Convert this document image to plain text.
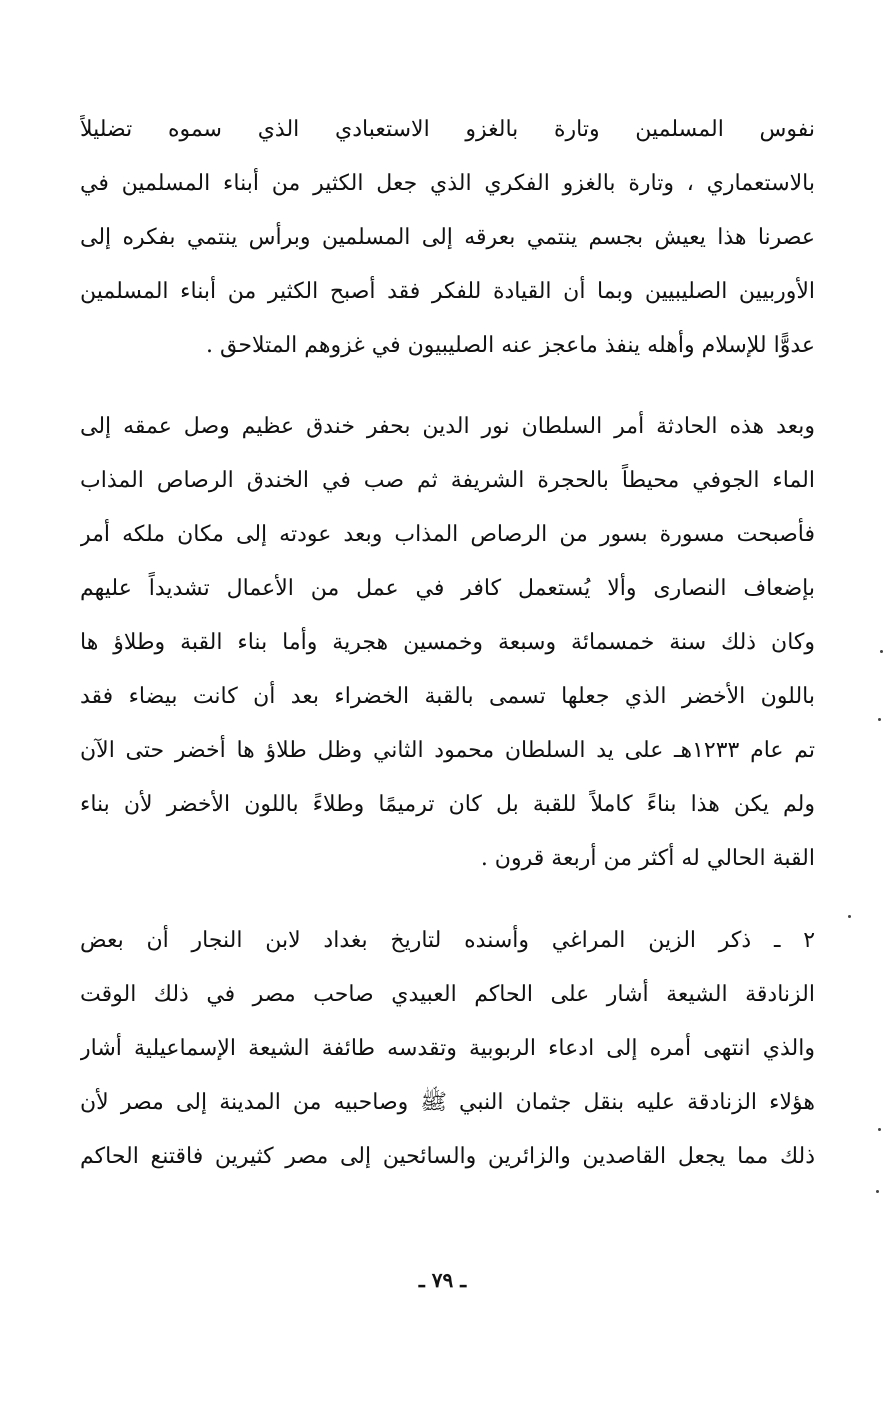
نفوس المسلمين وتارة بالغزو الاستعبادي الذي سموه تضليلاً
بالاستعماري ، وتارة بالغزو الفكري الذي جعل الكثير من أبناء المسلمين في
عصرنا هذا يعيش بجسم ينتمي بعرقه إلى المسلمين وبرأس ينتمي بفكره إلى
الأوربيين الصليبيين وبما أن القيادة للفكر فقد أصبح الكثير من أبناء المسلمين
عدوًّا للإسلام وأهله ينفذ ماعجز عنه الصليبيون في غزوهم المتلاحق .
وبعد هذه الحادثة أمر السلطان نور الدين بحفر خندق عظيم وصل عمقه إلى
الماء الجوفي محيطاً بالحجرة الشريفة ثم صب في الخندق الرصاص المذاب
فأصبحت مسورة بسور من الرصاص المذاب وبعد عودته إلى مكان ملكه أمر
بإضعاف النصارى وألا يُستعمل كافر في عمل من الأعمال تشديداً عليهم
وكان ذلك سنة خمسمائة وسبعة وخمسين هجرية وأما بناء القبة وطلاؤ ها
باللون الأخضر الذي جعلها تسمى بالقبة الخضراء بعد أن كانت بيضاء فقد
تم عام ١٢٣٣هـ على يد السلطان محمود الثاني وظل طلاؤ ها أخضر حتى الآن
ولم يكن هذا بناءً كاملاً للقبة بل كان ترميمًا وطلاءً باللون الأخضر لأن بناء
القبة الحالي له أكثر من أربعة قرون .
٢ ـ ذكر الزين المراغي وأسنده لتاريخ بغداد لابن النجار أن بعض
الزنادقة الشيعة أشار على الحاكم العبيدي صاحب مصر في ذلك الوقت
والذي انتهى أمره إلى ادعاء الربوبية وتقدسه طائفة الشيعة الإسماعيلية أشار
هؤلاء الزنادقة عليه بنقل جثمان النبي ﷺ وصاحبيه من المدينة إلى مصر لأن
ذلك مما يجعل القاصدين والزائرين والسائحين إلى مصر كثيرين فاقتنع الحاكم
ـ ٧٩ ـ
